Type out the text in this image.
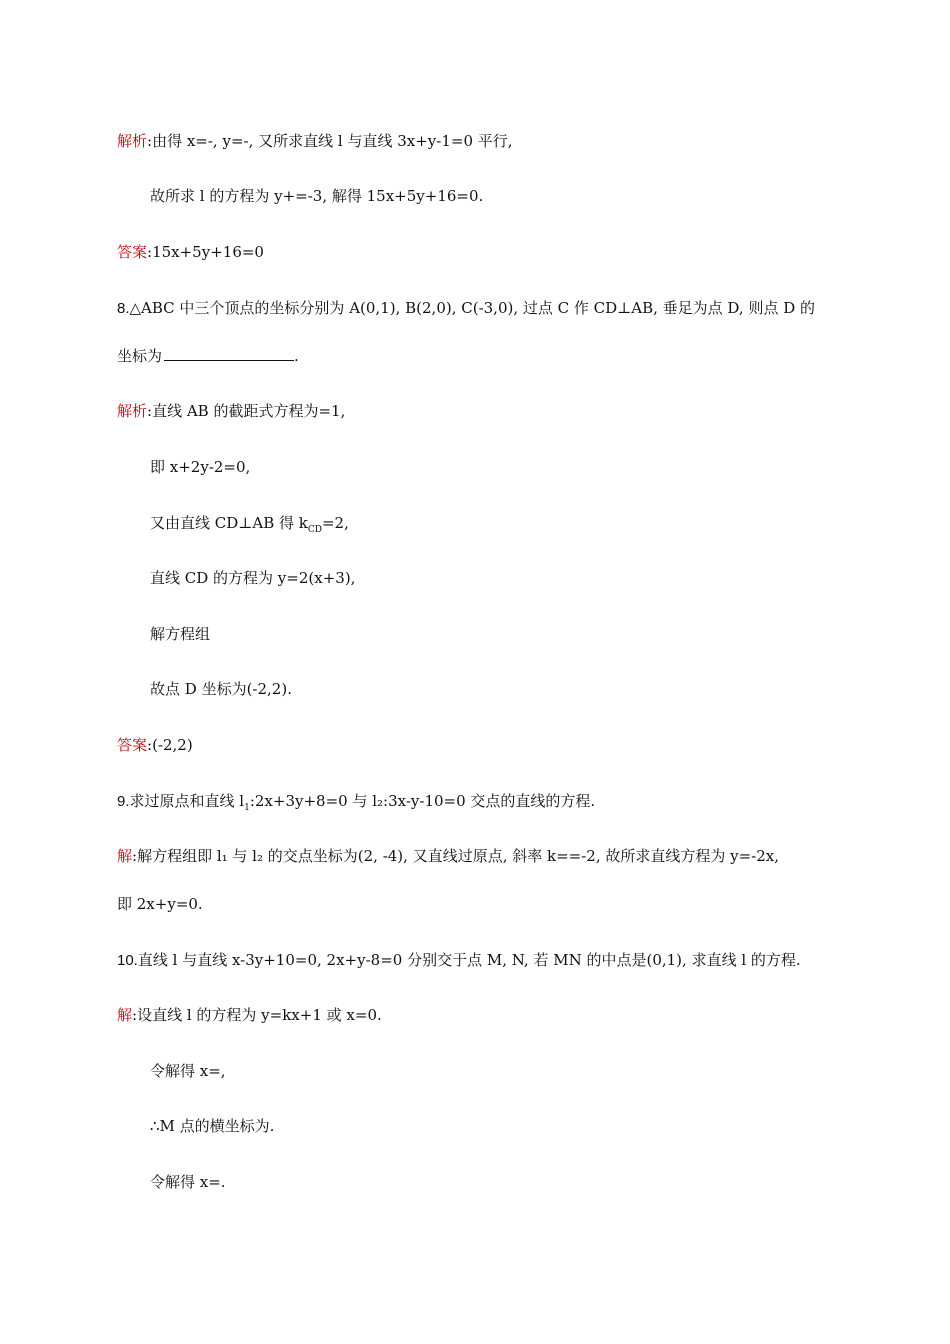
解析:由得 x=-, y=-, 又所求直线 l 与直线 3x+y-1=0 平行,
故所求 l 的方程为 y+=-3, 解得 15x+5y+16=0.
答案:15x+5y+16=0
8.△ABC 中三个顶点的坐标分别为 A(0,1), B(2,0), C(-3,0), 过点 C 作 CD⊥AB, 垂足为点 D, 则点 D 的
坐标为	.
解析:直线 AB 的截距式方程为=1,
即 x+2y-2=0,
又由直线 CD⊥AB 得 $k_{CD}=2$,
直线 CD 的方程为 y=2(x+3),
解方程组
故点 D 坐标为(-2,2).
答案:(-2,2)
9.求过原点和直线 $l_1:2x+3y+8=0$ 与 l₂:3x-y-10=0 交点的直线的方程.
解:解方程组即 l₁ 与 l₂ 的交点坐标为(2, -4), 又直线过原点, 斜率 k==-2, 故所求直线方程为 y=-2x,
即 2x+y=0.
10.直线 l 与直线 x-3y+10=0, 2x+y-8=0 分别交于点 M, N, 若 MN 的中点是(0,1), 求直线 l 的方程.
解:设直线 l 的方程为 y=kx+1 或 x=0.
令解得 x=,
∴M 点的横坐标为.
令解得 x=.
